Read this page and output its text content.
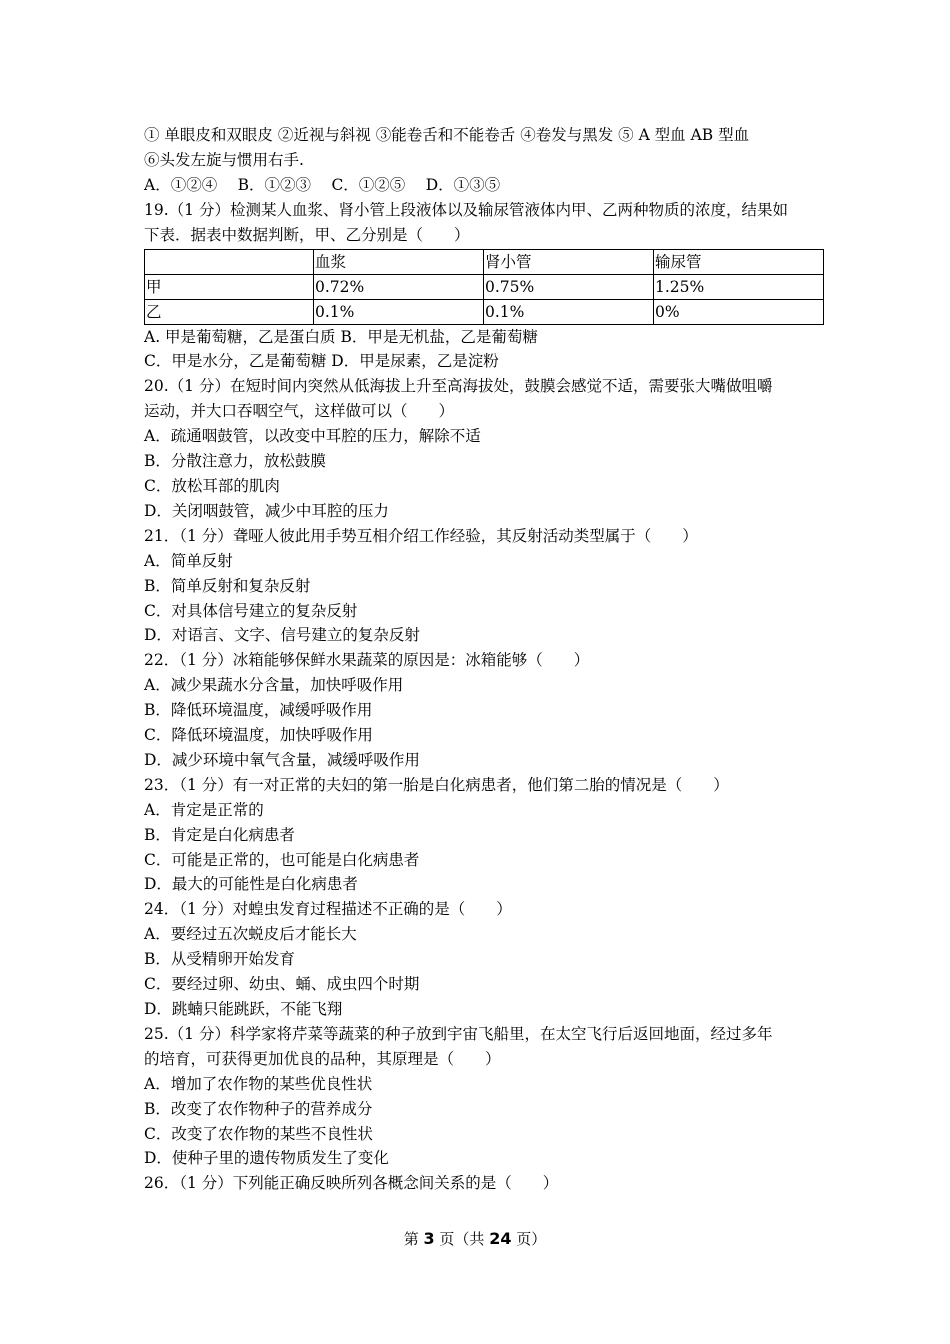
① 单眼皮和双眼皮 ②近视与斜视 ③能卷舌和不能卷舌 ④卷发与黑发 ⑤ A 型血 AB 型血

⑥头发左旋与惯用右手.

A．①②④　 B．①②③　 C．①②⑤　 D．①③⑤

19.（1 分）检测某人血浆、肾小管上段液体以及输尿管液体内甲、乙两种物质的浓度，结果如

下表．据表中数据判断，甲、乙分别是（　　）

	血浆	肾小管	输尿管
甲	0.72%	0.75%	1.25%
乙	0.1%	0.1%	0%

A. 甲是葡萄糖，乙是蛋白质 B．甲是无机盐，乙是葡萄糖

C．甲是水分，乙是葡萄糖 D．甲是尿素，乙是淀粉

20.（1 分）在短时间内突然从低海拔上升至高海拔处，鼓膜会感觉不适，需要张大嘴做咀嚼

运动，并大口吞咽空气，这样做可以（　　）

A．疏通咽鼓管，以改变中耳腔的压力，解除不适

B．分散注意力，放松鼓膜

C．放松耳部的肌肉

D．关闭咽鼓管，减少中耳腔的压力

21．（1 分）聋哑人彼此用手势互相介绍工作经验，其反射活动类型属于（　　）

A．简单反射

B．简单反射和复杂反射

C．对具体信号建立的复杂反射

D．对语言、文字、信号建立的复杂反射

22．（1 分）冰箱能够保鲜水果蔬菜的原因是：冰箱能够（　　）

A．减少果蔬水分含量，加快呼吸作用

B．降低环境温度，减缓呼吸作用

C．降低环境温度，加快呼吸作用

D．减少环境中氧气含量，减缓呼吸作用

23．（1 分）有一对正常的夫妇的第一胎是白化病患者，他们第二胎的情况是（　　）

A．肯定是正常的

B．肯定是白化病患者

C．可能是正常的，也可能是白化病患者

D．最大的可能性是白化病患者

24．（1 分）对蝗虫发育过程描述不正确的是（　　）

A．要经过五次蜕皮后才能长大

B．从受精卵开始发育

C．要经过卵、幼虫、蛹、成虫四个时期

D．跳蝻只能跳跃，不能飞翔

25.（1 分）科学家将芹菜等蔬菜的种子放到宇宙飞船里，在太空飞行后返回地面，经过多年

的培育，可获得更加优良的品种，其原理是（　　）

A．增加了农作物的某些优良性状

B．改变了农作物种子的营养成分

C．改变了农作物的某些不良性状

D．使种子里的遗传物质发生了变化

26．（1 分）下列能正确反映所列各概念间关系的是（　　）

第 3 页（共 24 页）
